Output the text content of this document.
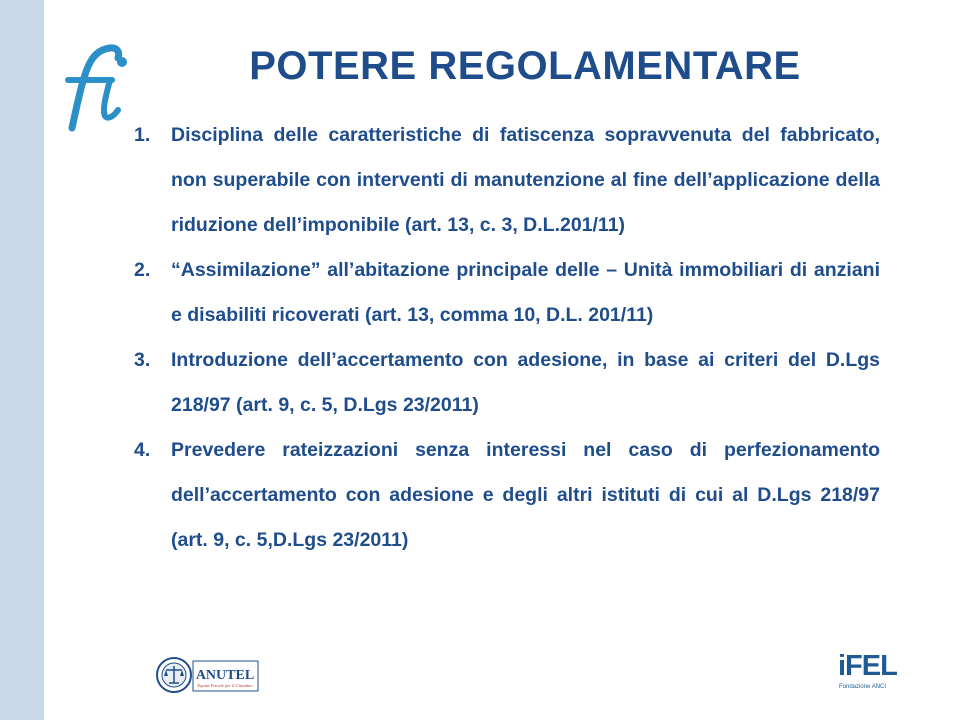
POTERE REGOLAMENTARE
1. Disciplina delle caratteristiche di fatiscenza sopravvenuta del fabbricato, non superabile con interventi di manutenzione al fine dell’applicazione della riduzione dell’imponibile (art. 13, c. 3, D.L.201/11)
2. “Assimilazione” all’abitazione principale delle – Unità immobiliari di anziani e disabiliti ricoverati (art. 13, comma 10, D.L. 201/11)
3. Introduzione dell’accertamento con adesione, in base ai criteri del D.Lgs 218/97 (art. 9, c. 5, D.Lgs 23/2011)
4. Prevedere rateizzazioni senza interessi nel caso di perfezionamento dell’accertamento con adesione e degli altri istituti di cui al D.Lgs 218/97 (art. 9, c. 5,D.Lgs 23/2011)
ANUTEL
Equità Fiscale per il Cittadino
iFEL
Fondazione ANCI
